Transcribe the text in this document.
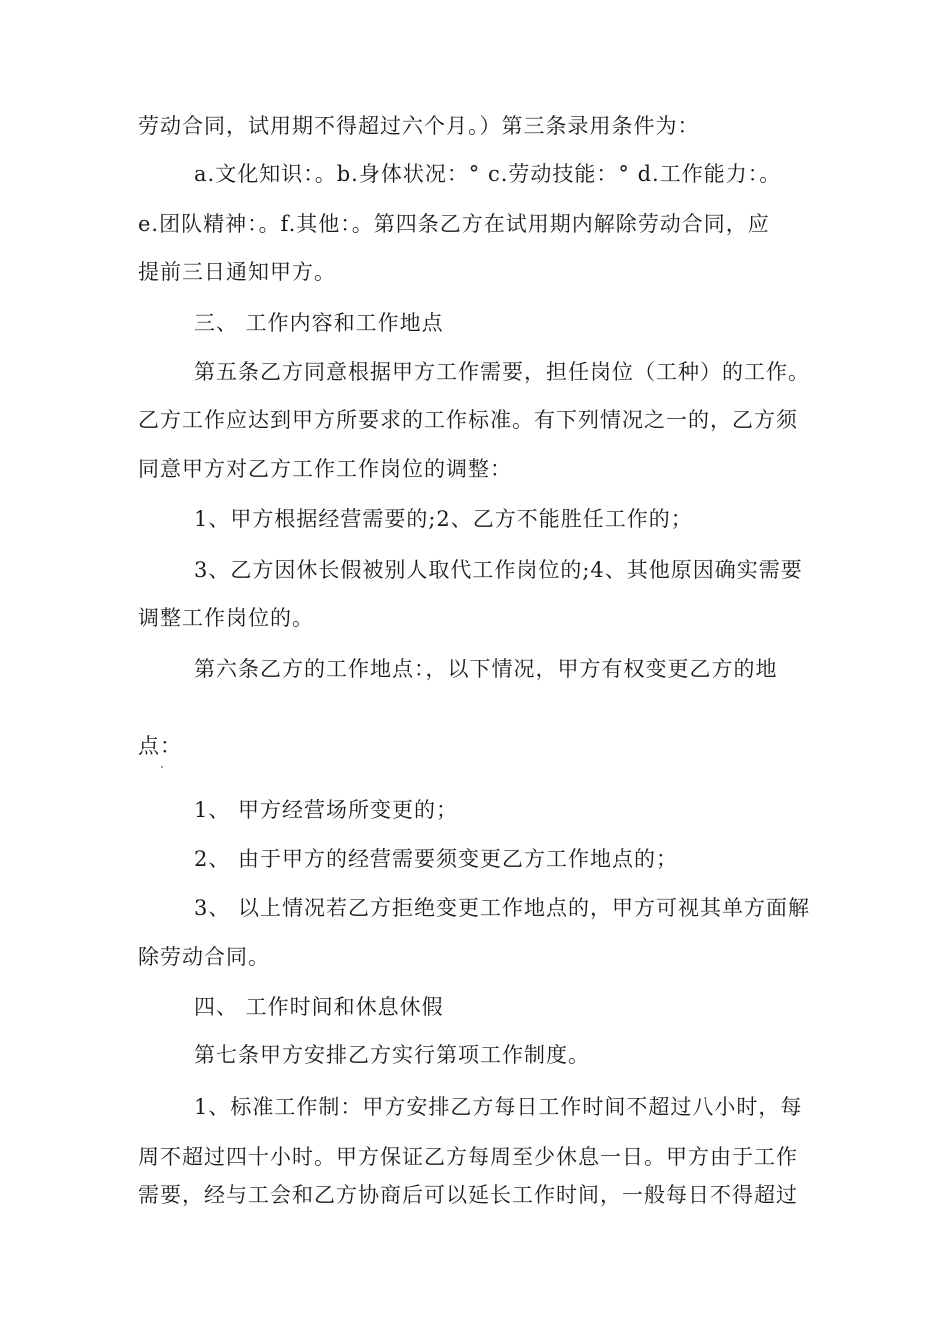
劳动合同，试用期不得超过六个月。）第三条录用条件为：
a.文化知识：。b.身体状况：° c.劳动技能：° d.工作能力：。
e.团队精神：。f.其他：。第四条乙方在试用期内解除劳动合同，应
提前三日通知甲方。
三、 工作内容和工作地点
第五条乙方同意根据甲方工作需要，担任岗位（工种）的工作。
乙方工作应达到甲方所要求的工作标准。有下列情况之一的，乙方须
同意甲方对乙方工作工作岗位的调整：
1、甲方根据经营需要的;2、乙方不能胜任工作的；
3、乙方因休长假被别人取代工作岗位的;4、其他原因确实需要
调整工作岗位的。
第六条乙方的工作地点：，以下情况，甲方有权变更乙方的地
点：
1、 甲方经营场所变更的；
2、 由于甲方的经营需要须变更乙方工作地点的；
3、 以上情况若乙方拒绝变更工作地点的，甲方可视其单方面解
除劳动合同。
四、 工作时间和休息休假
第七条甲方安排乙方实行第项工作制度。
1、标准工作制：甲方安排乙方每日工作时间不超过八小时，每
周不超过四十小时。甲方保证乙方每周至少休息一日。甲方由于工作
需要，经与工会和乙方协商后可以延长工作时间，一般每日不得超过
